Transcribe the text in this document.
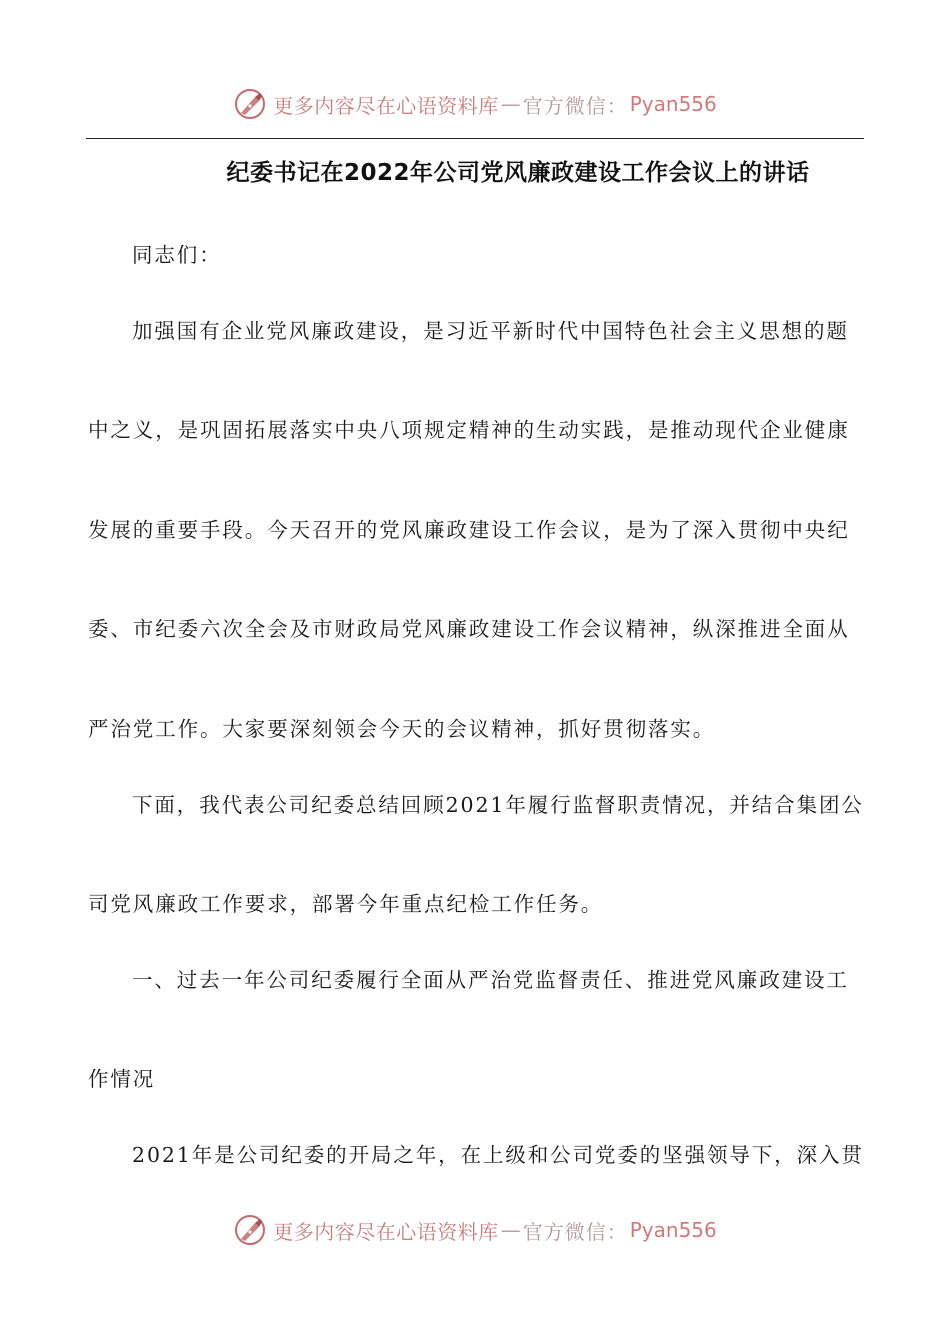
更多内容尽在心语资料库 — 官方微信： Pyan556
纪委书记在2022年公司党风廉政建设工作会议上的讲话
同志们：
加强国有企业党风廉政建设，是习近平新时代中国特色社会主义思想的题
中之义，是巩固拓展落实中央八项规定精神的生动实践，是推动现代企业健康
发展的重要手段。今天召开的党风廉政建设工作会议，是为了深入贯彻中央纪
委、市纪委六次全会及市财政局党风廉政建设工作会议精神，纵深推进全面从
严治党工作。大家要深刻领会今天的会议精神，抓好贯彻落实。
下面，我代表公司纪委总结回顾2021年履行监督职责情况，并结合集团公
司党风廉政工作要求，部署今年重点纪检工作任务。
一、过去一年公司纪委履行全面从严治党监督责任、推进党风廉政建设工
作情况
2021年是公司纪委的开局之年，在上级和公司党委的坚强领导下，深入贯
更多内容尽在心语资料库 — 官方微信： Pyan556
